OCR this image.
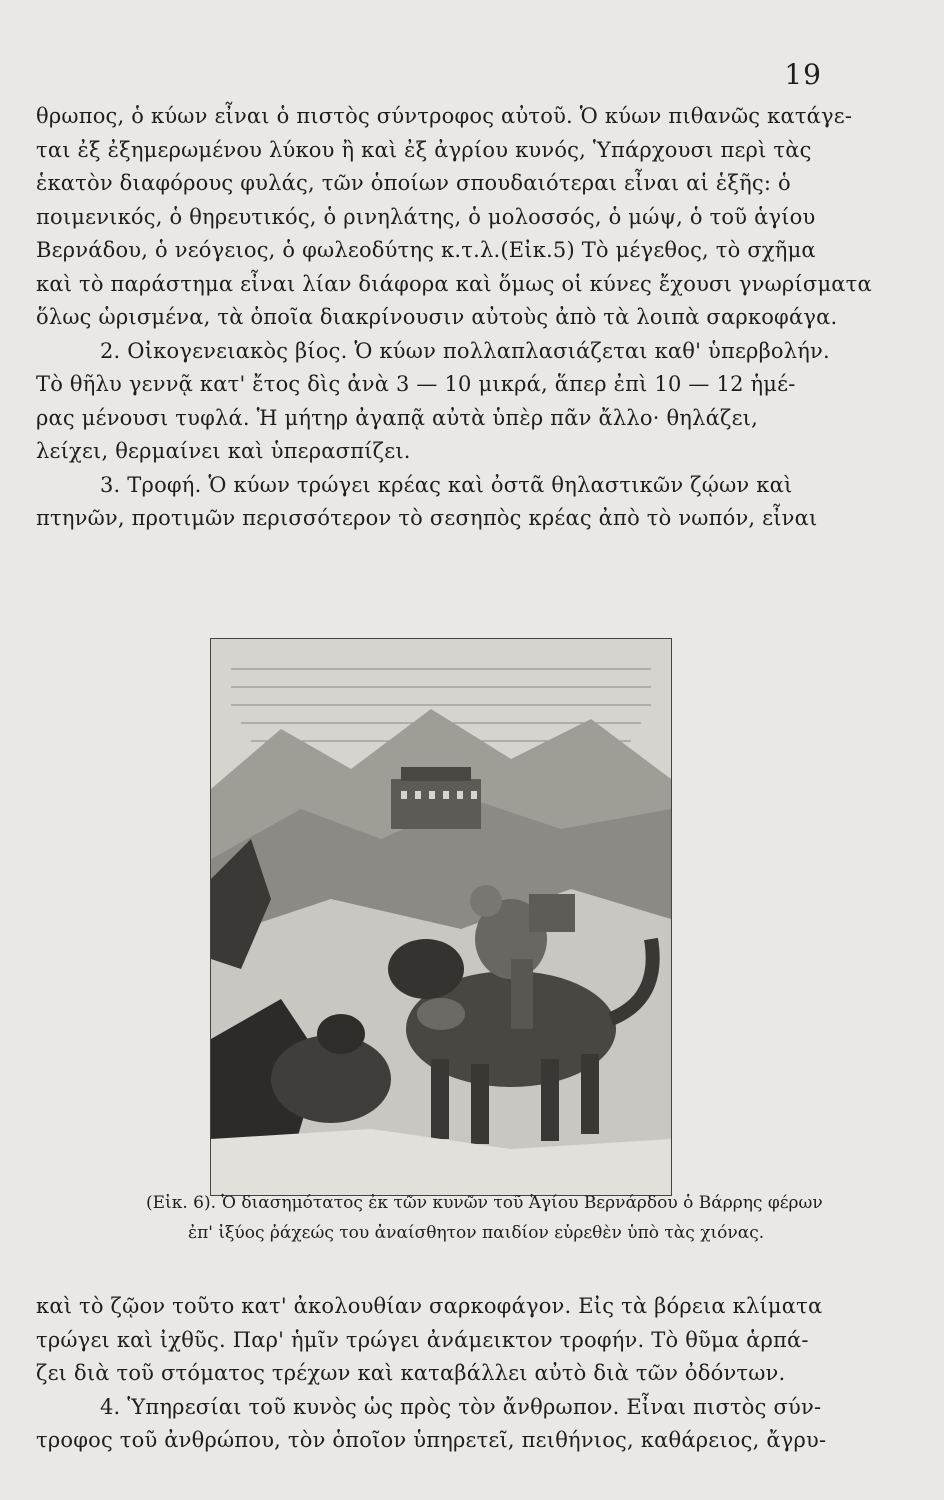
19
θρωπος, ὁ κύων εἶναι ὁ πιστὸς σύντροφος αὐτοῦ. Ὁ κύων πιθανῶς κατάγε-
ται ἐξ ἐξημερωμένου λύκου ἢ καὶ ἐξ ἀγρίου κυνός, Ὑπάρχουσι περὶ τὰς
ἑκατὸν διαφόρους φυλάς, τῶν ὁποίων σπουδαιότεραι εἶναι αἱ ἑξῆς: ὁ
ποιμενικός, ὁ θηρευτικός, ὁ ρινηλάτης, ὁ μολοσσός, ὁ μώψ, ὁ τοῦ ἁγίου
Βερνάδου, ὁ νεόγειος, ὁ φωλεοδύτης κ.τ.λ.(Εἰκ.5) Τὸ μέγεθος, τὸ σχῆμα
καὶ τὸ παράστημα εἶναι λίαν διάφορα καὶ ὅμως οἱ κύνες ἔχουσι γνωρίσματα
ὅλως ὡρισμένα, τὰ ὁποῖα διακρίνουσιν αὐτοὺς ἀπὸ τὰ λοιπὰ σαρκοφάγα.
2. Οἰκογενειακὸς βίος. Ὁ κύων πολλαπλασιάζεται καθ' ὑπερβολήν.
Τὸ θῆλυ γεννᾷ κατ' ἔτος δὶς ἀνὰ 3 — 10 μικρά, ἅπερ ἐπὶ 10 — 12 ἡμέ-
ρας μένουσι τυφλά. Ἡ μήτηρ ἀγαπᾷ αὐτὰ ὑπὲρ πᾶν ἄλλο· θηλάζει,
λείχει, θερμαίνει καὶ ὑπερασπίζει.
3. Τροφή. Ὁ κύων τρώγει κρέας καὶ ὀστᾶ θηλαστικῶν ζῴων καὶ
πτηνῶν, προτιμῶν περισσότερον τὸ σεσηπὸς κρέας ἀπὸ τὸ νωπόν, εἶναι
(Εἰκ. 6). Ὁ διασημότατος ἐκ τῶν κυνῶν τοῦ Ἁγίου Βερνάρδου ὁ Βάρρης φέρων
ἐπ' ἰξύος ῥάχεώς του ἀναίσθητον παιδίον εὑρεθὲν ὑπὸ τὰς χιόνας.
καὶ τὸ ζῷον τοῦτο κατ' ἀκολουθίαν σαρκοφάγον. Εἰς τὰ βόρεια κλίματα
τρώγει καὶ ἰχθῦς. Παρ' ἡμῖν τρώγει ἀνάμεικτον τροφήν. Τὸ θῦμα ἁρπά-
ζει διὰ τοῦ στόματος τρέχων καὶ καταβάλλει αὐτὸ διὰ τῶν ὀδόντων.
4. Ὑπηρεσίαι τοῦ κυνὸς ὡς πρὸς τὸν ἄνθρωπον. Εἶναι πιστὸς σύν-
τροφος τοῦ ἀνθρώπου, τὸν ὁποῖον ὑπηρετεῖ, πειθήνιος, καθάρειος, ἄγρυ-
